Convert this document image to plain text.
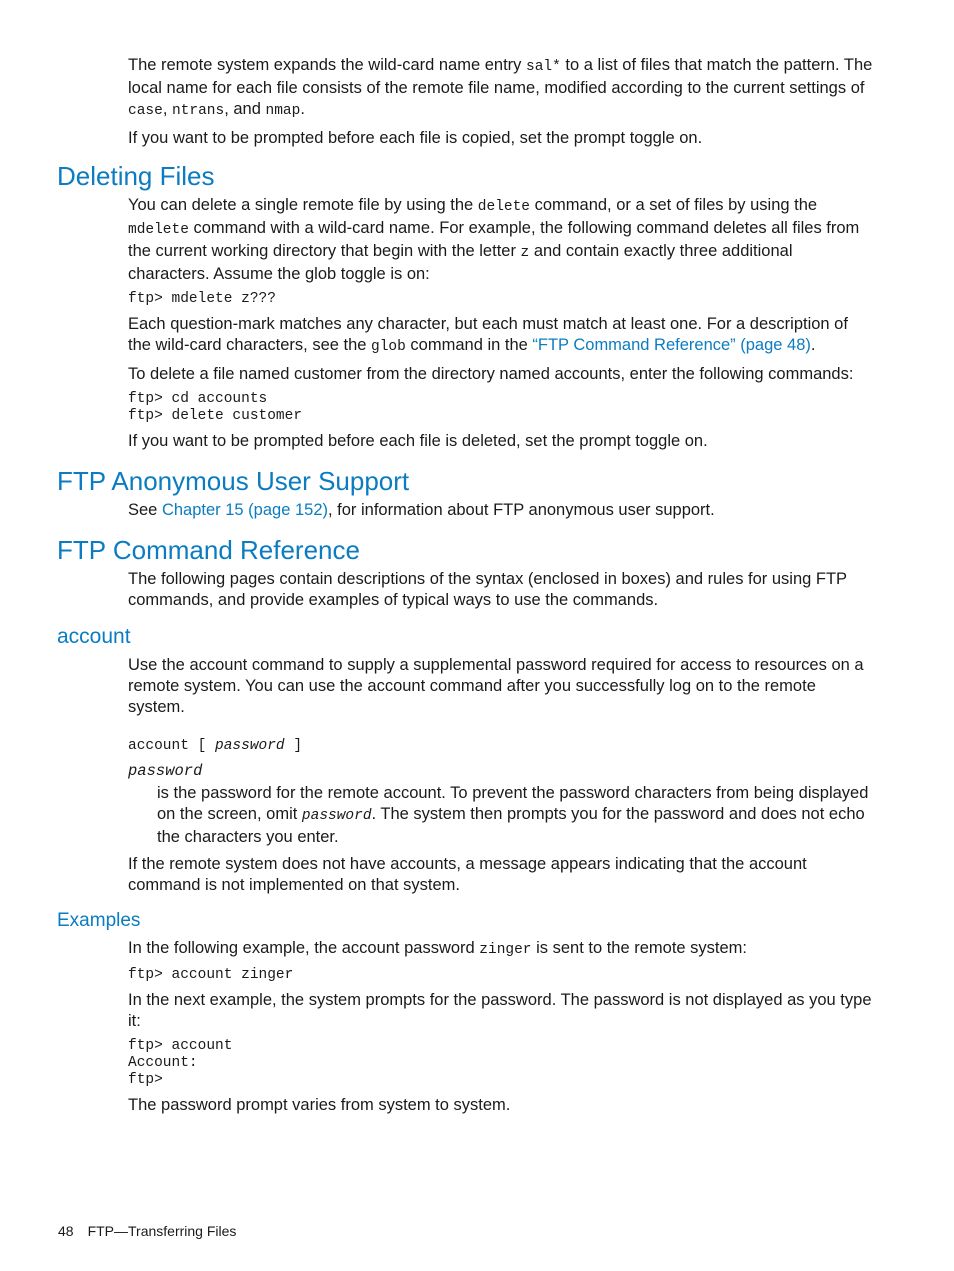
The remote system expands the wild-card name entry sal* to a list of files that match the pattern. The local name for each file consists of the remote file name, modified according to the current settings of case, ntrans, and nmap.

If you want to be prompted before each file is copied, set the prompt toggle on.

Deleting Files

You can delete a single remote file by using the delete command, or a set of files by using the mdelete command with a wild-card name. For example, the following command deletes all files from the current working directory that begin with the letter z and contain exactly three additional characters. Assume the glob toggle is on:

ftp> mdelete z???

Each question-mark matches any character, but each must match at least one. For a description of the wild-card characters, see the glob command in the “FTP Command Reference” (page 48).

To delete a file named customer from the directory named accounts, enter the following commands:

ftp> cd accounts
ftp> delete customer

If you want to be prompted before each file is deleted, set the prompt toggle on.

FTP Anonymous User Support

See Chapter 15 (page 152), for information about FTP anonymous user support.

FTP Command Reference

The following pages contain descriptions of the syntax (enclosed in boxes) and rules for using FTP commands, and provide examples of typical ways to use the commands.

account

Use the account command to supply a supplemental password required for access to resources on a remote system. You can use the account command after you successfully log on to the remote system.

account [ password ]
password

is the password for the remote account. To prevent the password characters from being displayed on the screen, omit password. The system then prompts you for the password and does not echo the characters you enter.

If the remote system does not have accounts, a message appears indicating that the account command is not implemented on that system.

Examples

In the following example, the account password zinger is sent to the remote system:

ftp> account zinger

In the next example, the system prompts for the password. The password is not displayed as you type it:

ftp> account
Account:
ftp>

The password prompt varies from system to system.

48 FTP—Transferring Files
